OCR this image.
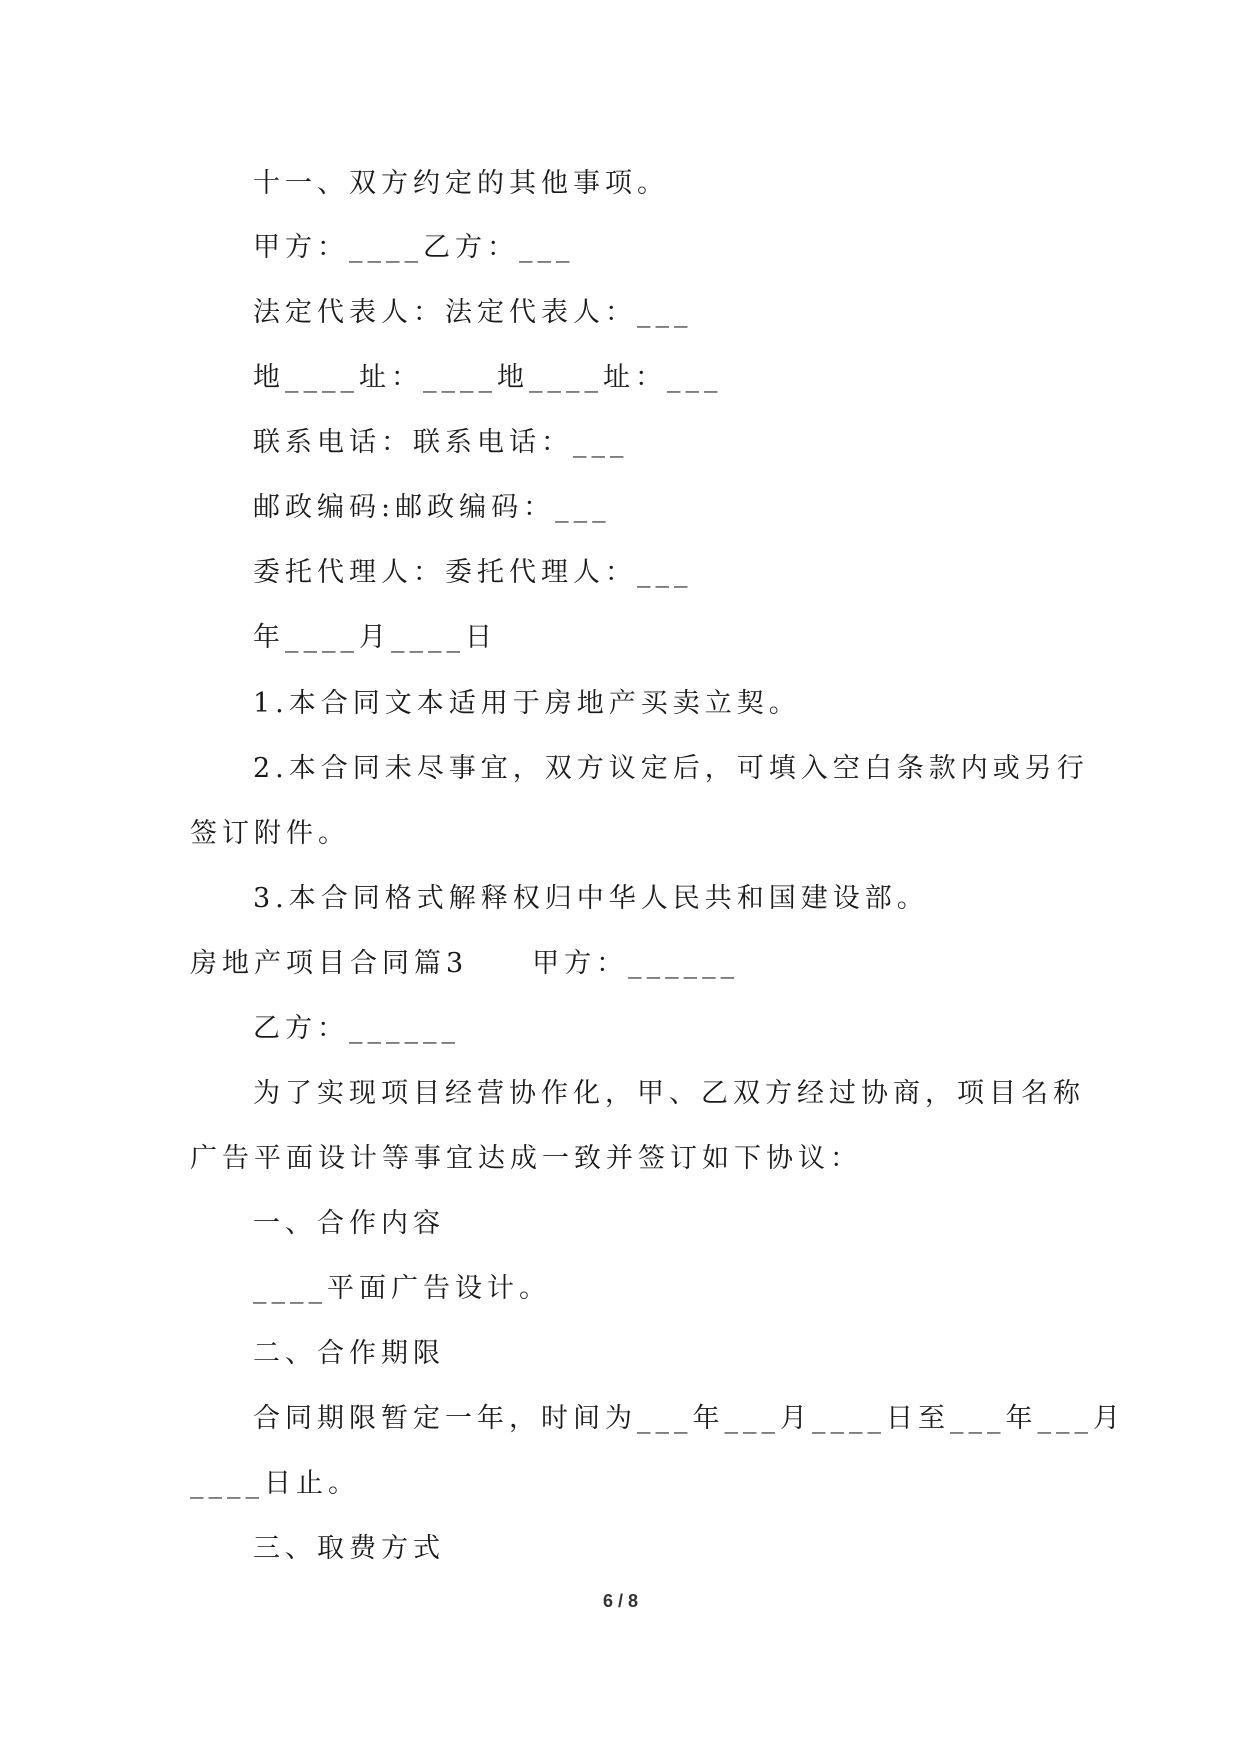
十一、双方约定的其他事项。

甲方：____乙方：___

法定代表人：法定代表人：___

地____址：____地____址：___

联系电话：联系电话：___

邮政编码:邮政编码：___

委托代理人：委托代理人：___

年____月____日

1.本合同文本适用于房地产买卖立契。

2.本合同未尽事宜，双方议定后，可填入空白条款内或另行

签订附件。

3.本合同格式解释权归中华人民共和国建设部。

房地产项目合同篇3　　甲方：______

乙方：______

为了实现项目经营协作化，甲、乙双方经过协商，项目名称

广告平面设计等事宜达成一致并签订如下协议：

一、合作内容

____平面广告设计。

二、合作期限

合同期限暂定一年，时间为___年___月____日至___年___月

____日止。

三、取费方式

6 / 8
